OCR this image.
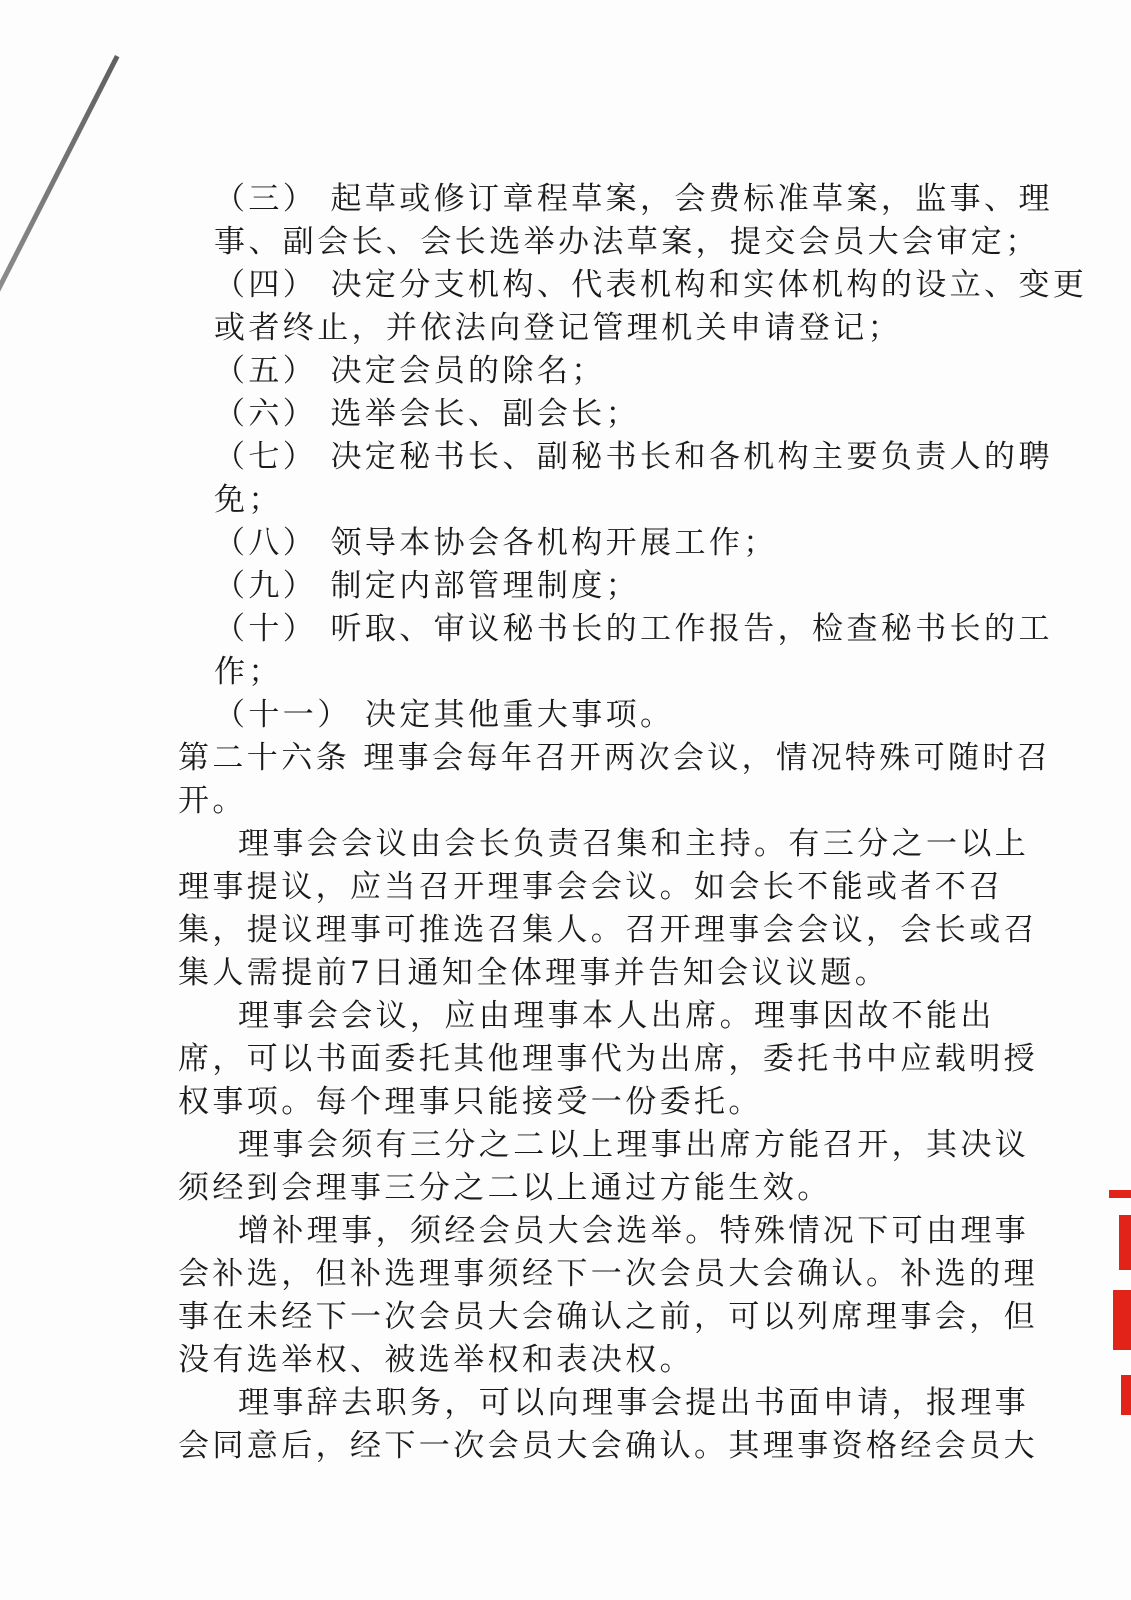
（三） 起草或修订章程草案，会费标准草案，监事、理
事、副会长、会长选举办法草案，提交会员大会审定；
（四） 决定分支机构、代表机构和实体机构的设立、变更
或者终止，并依法向登记管理机关申请登记；
（五） 决定会员的除名；
（六） 选举会长、副会长；
（七） 决定秘书长、副秘书长和各机构主要负责人的聘
免；
（八） 领导本协会各机构开展工作；
（九） 制定内部管理制度；
（十） 听取、审议秘书长的工作报告，检查秘书长的工
作；
（十一） 决定其他重大事项。
第二十六条 理事会每年召开两次会议，情况特殊可随时召
开。
理事会会议由会长负责召集和主持。有三分之一以上
理事提议，应当召开理事会会议。如会长不能或者不召
集，提议理事可推选召集人。召开理事会会议，会长或召
集人需提前7日通知全体理事并告知会议议题。
理事会会议，应由理事本人出席。理事因故不能出
席，可以书面委托其他理事代为出席，委托书中应载明授
权事项。每个理事只能接受一份委托。
理事会须有三分之二以上理事出席方能召开，其决议
须经到会理事三分之二以上通过方能生效。
增补理事，须经会员大会选举。特殊情况下可由理事
会补选，但补选理事须经下一次会员大会确认。补选的理
事在未经下一次会员大会确认之前，可以列席理事会，但
没有选举权、被选举权和表决权。
理事辞去职务，可以向理事会提出书面申请，报理事
会同意后，经下一次会员大会确认。其理事资格经会员大
